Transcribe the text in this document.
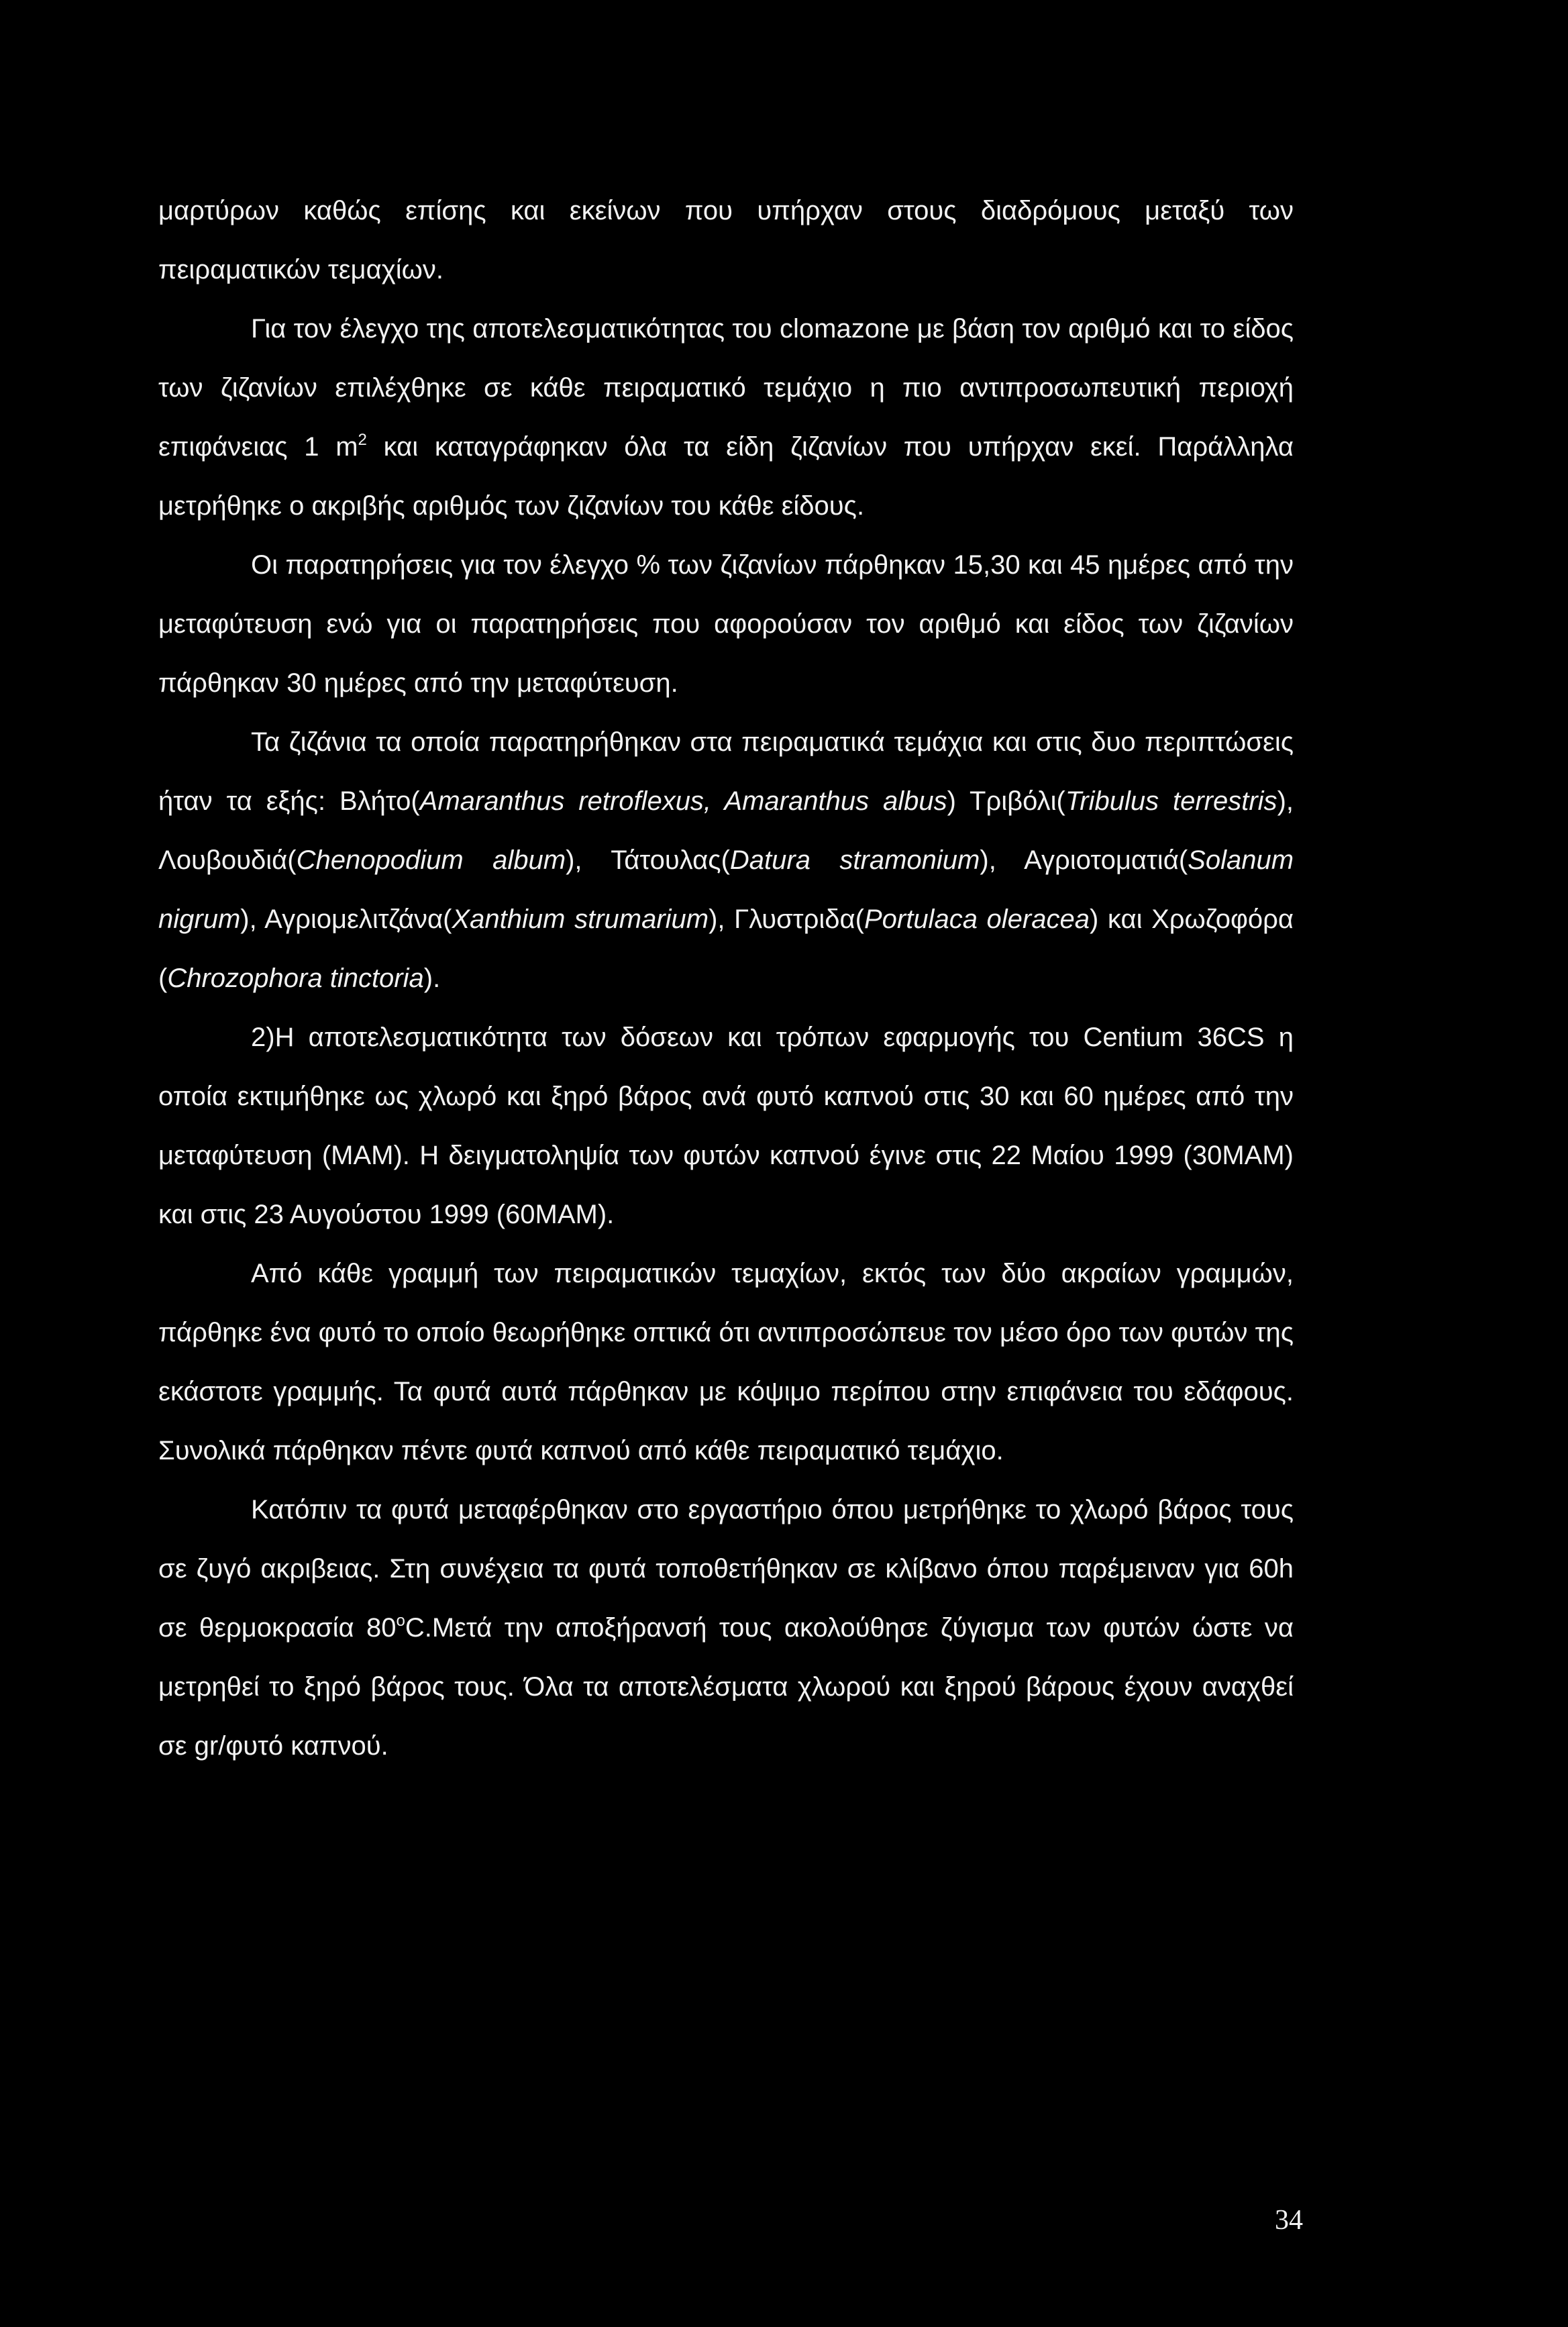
μαρτύρων καθώς επίσης και εκείνων που υπήρχαν στους διαδρόμους μεταξύ των πειραματικών τεμαχίων.

Για τον έλεγχο της αποτελεσματικότητας του clomazone με βάση τον αριθμό και το είδος των ζιζανίων επιλέχθηκε σε κάθε πειραματικό τεμάχιο η πιο αντιπροσωπευτική περιοχή επιφάνειας 1 $m^2$ και καταγράφηκαν όλα τα είδη ζιζανίων που υπήρχαν εκεί. Παράλληλα μετρήθηκε ο ακριβής αριθμός των ζιζανίων του κάθε είδους.

Οι παρατηρήσεις για τον έλεγχο % των ζιζανίων πάρθηκαν 15,30 και 45 ημέρες από την μεταφύτευση ενώ για οι παρατηρήσεις που αφορούσαν τον αριθμό και είδος των ζιζανίων πάρθηκαν 30 ημέρες από την μεταφύτευση.

Τα ζιζάνια τα οποία παρατηρήθηκαν στα πειραματικά τεμάχια και στις δυο περιπτώσεις ήταν τα εξής: Βλήτο(Amaranthus retroflexus, Amaranthus albus) Τριβόλι(Tribulus terrestris), Λουβουδιά(Chenopodium album), Τάτουλας(Datura stramonium), Αγριοτοματιά(Solanum nigrum), Αγριομελιτζάνα(Xanthium strumarium), Γλυστριδα(Portulaca oleracea) και Χρωζοφόρα (Chrozophora tinctoria).

2)Η αποτελεσματικότητα των δόσεων και τρόπων εφαρμογής του Centium 36CS η οποία εκτιμήθηκε ως χλωρό και ξηρό βάρος ανά φυτό καπνού στις 30 και 60 ημέρες από την μεταφύτευση (MAM). Η δειγματοληψία των φυτών καπνού έγινε στις 22 Μαίου 1999 (30MAM) και στις 23 Αυγούστου 1999 (60MAM).

Από κάθε γραμμή των πειραματικών τεμαχίων, εκτός των δύο ακραίων γραμμών, πάρθηκε ένα φυτό το οποίο θεωρήθηκε οπτικά ότι αντιπροσώπευε τον μέσο όρο των φυτών της εκάστοτε γραμμής. Τα φυτά αυτά πάρθηκαν με κόψιμο περίπου στην επιφάνεια του εδάφους. Συνολικά πάρθηκαν πέντε φυτά καπνού από κάθε πειραματικό τεμάχιο.

Κατόπιν τα φυτά μεταφέρθηκαν στο εργαστήριο όπου μετρήθηκε το χλωρό βάρος τους σε ζυγό ακριβειας. Στη συνέχεια τα φυτά τοποθετήθηκαν σε κλίβανο όπου παρέμειναν για 60h σε θερμοκρασία 80$^o$C.Μετά την αποξήρανσή τους ακολούθησε ζύγισμα των φυτών ώστε να μετρηθεί το ξηρό βάρος τους. Όλα τα αποτελέσματα χλωρού και ξηρού βάρους έχουν αναχθεί σε gr/φυτό καπνού.

34
